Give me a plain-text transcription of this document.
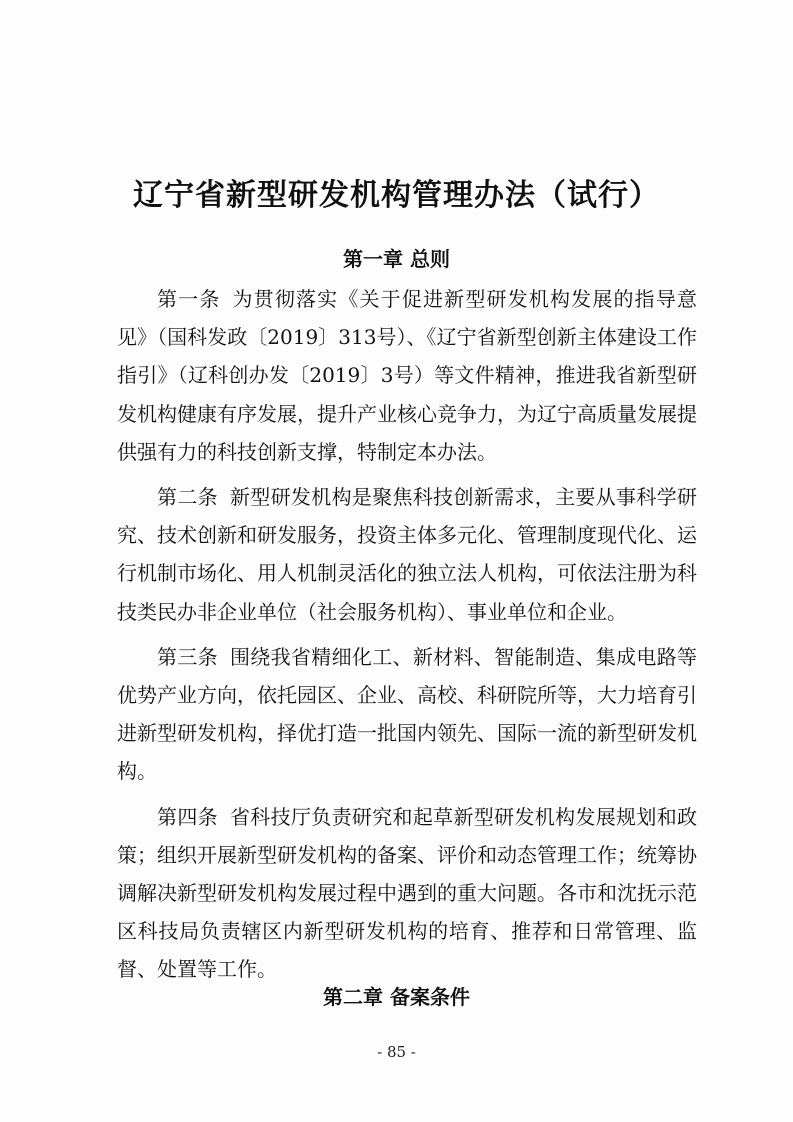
辽宁省新型研发机构管理办法（试行）
第一章 总则

第一条 为贯彻落实《关于促进新型研发机构发展的指导意见》（国科发政〔2019〕313号）、《辽宁省新型创新主体建设工作指引》（辽科创办发〔2019〕3号）等文件精神，推进我省新型研发机构健康有序发展，提升产业核心竞争力，为辽宁高质量发展提供强有力的科技创新支撑，特制定本办法。

第二条 新型研发机构是聚焦科技创新需求，主要从事科学研究、技术创新和研发服务，投资主体多元化、管理制度现代化、运行机制市场化、用人机制灵活化的独立法人机构，可依法注册为科技类民办非企业单位（社会服务机构）、事业单位和企业。

第三条 围绕我省精细化工、新材料、智能制造、集成电路等优势产业方向，依托园区、企业、高校、科研院所等，大力培育引进新型研发机构，择优打造一批国内领先、国际一流的新型研发机构。

第四条 省科技厅负责研究和起草新型研发机构发展规划和政策；组织开展新型研发机构的备案、评价和动态管理工作；统筹协调解决新型研发机构发展过程中遇到的重大问题。各市和沈抚示范区科技局负责辖区内新型研发机构的培育、推荐和日常管理、监督、处置等工作。

第二章 备案条件
- 85 -
